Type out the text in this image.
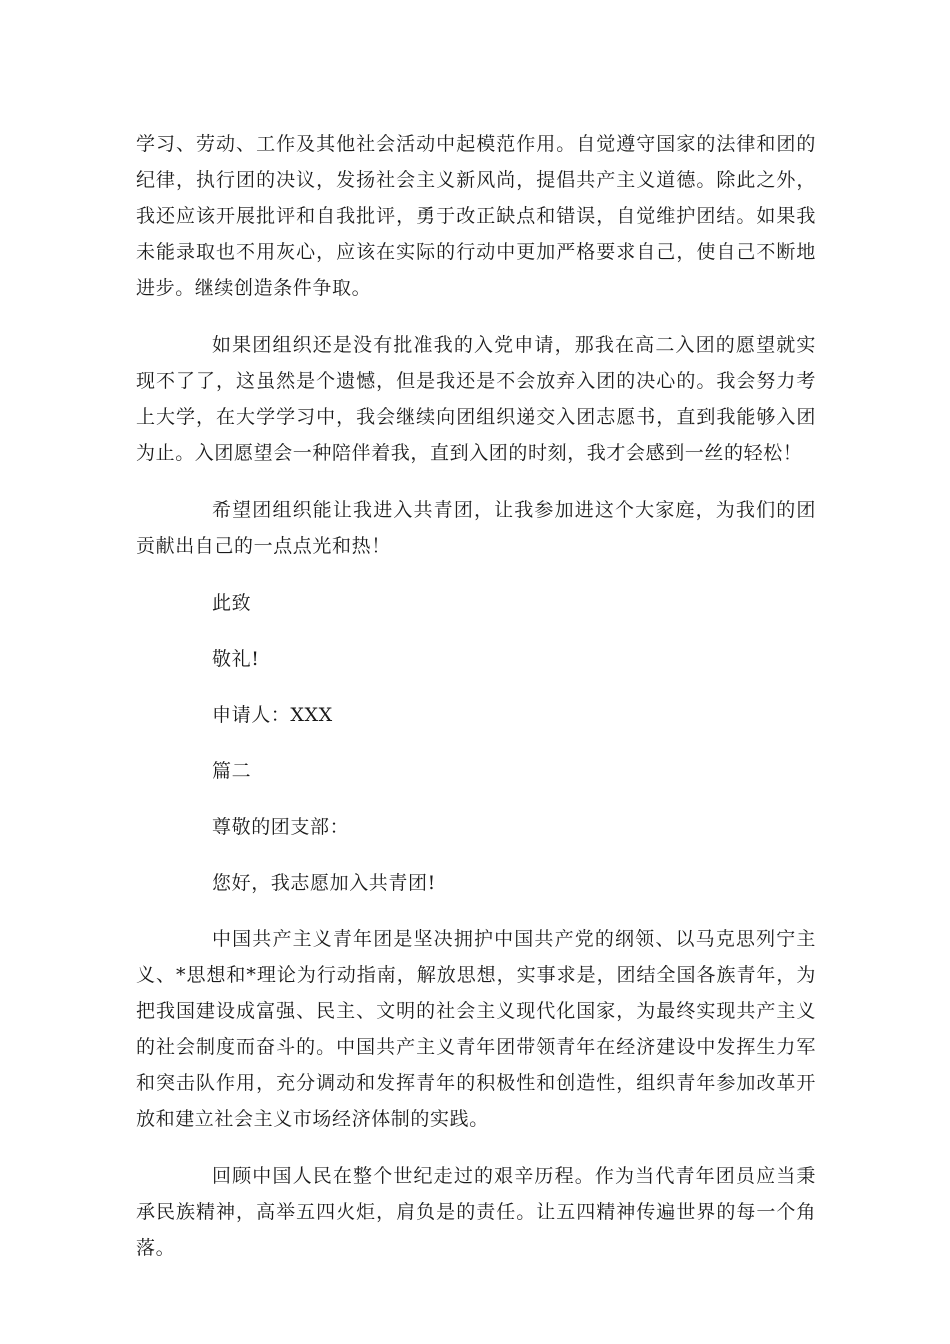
学习、劳动、工作及其他社会活动中起模范作用。自觉遵守国家的法律和团的纪律，执行团的决议，发扬社会主义新风尚，提倡共产主义道德。除此之外，我还应该开展批评和自我批评，勇于改正缺点和错误，自觉维护团结。如果我未能录取也不用灰心，应该在实际的行动中更加严格要求自己，使自己不断地进步。继续创造条件争取。

如果团组织还是没有批准我的入党申请，那我在高二入团的愿望就实现不了了，这虽然是个遗憾，但是我还是不会放弃入团的决心的。我会努力考上大学，在大学学习中，我会继续向团组织递交入团志愿书，直到我能够入团为止。入团愿望会一种陪伴着我，直到入团的时刻，我才会感到一丝的轻松！

希望团组织能让我进入共青团，让我参加进这个大家庭，为我们的团贡献出自己的一点点光和热！

此致

敬礼!

申请人：XXX

篇二

尊敬的团支部：

您好，我志愿加入共青团!

中国共产主义青年团是坚决拥护中国共产党的纲领、以马克思列宁主义、*思想和*理论为行动指南，解放思想，实事求是，团结全国各族青年，为把我国建设成富强、民主、文明的社会主义现代化国家，为最终实现共产主义的社会制度而奋斗的。中国共产主义青年团带领青年在经济建设中发挥生力军和突击队作用，充分调动和发挥青年的积极性和创造性，组织青年参加改革开放和建立社会主义市场经济体制的实践。

回顾中国人民在整个世纪走过的艰辛历程。作为当代青年团员应当秉承民族精神，高举五四火炬，肩负是的责任。让五四精神传遍世界的每一个角落。
